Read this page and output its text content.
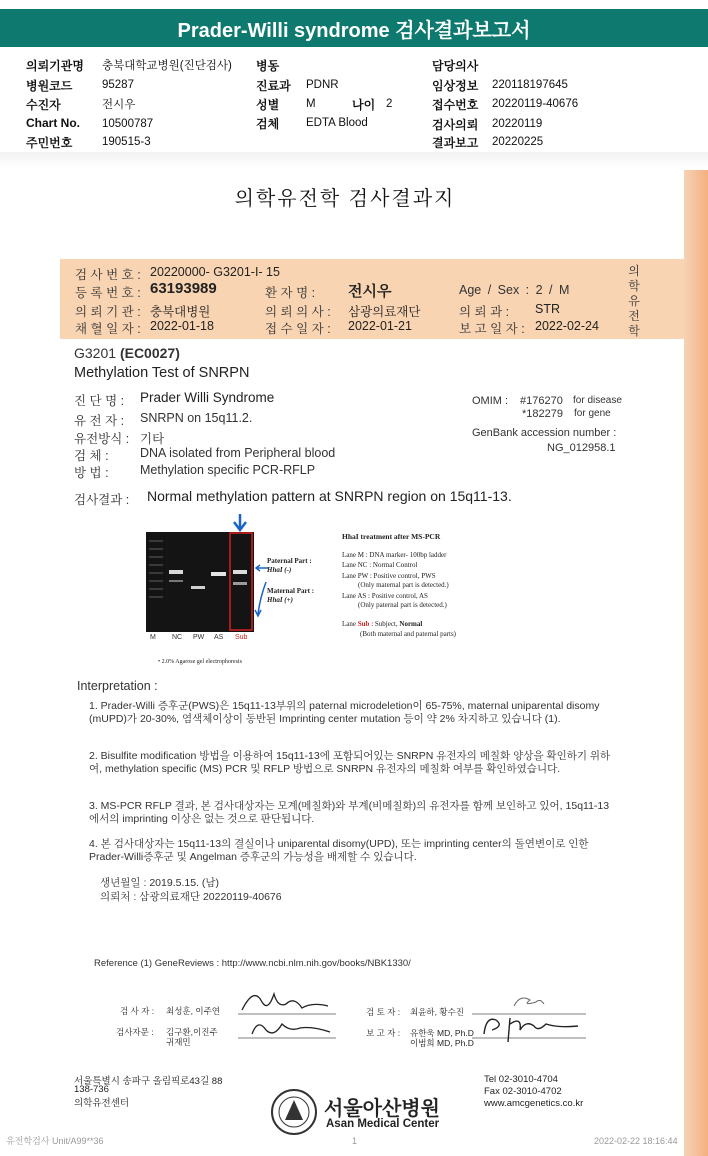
Prader-Willi syndrome 검사결과보고서
의뢰기관명 충북대학교병원(진단검사) 병동	담당의사
병원코드	95287	진료과 PDNR	임상정보 220118197645
수진자	전시우	성별 M	나이 2	접수번호 20220119-40676
Chart No. 10500787	검체 EDTA Blood	검사의뢰 20220119
주민번호	190515-3	결과보고 20220225
의학유전학 검사결과지
검 사 번 호 : 20220000- G3201-I- 15
등 록 번 호 : 63193989	환 자 명 : 전시우	Age / Sex : 2 / M
의 뢰 기 관 : 충북대병원	의 뢰 의 사 : 삼광의료재단	의 뢰 과 : STR
채 혈 일 자 : 2022-01-18	접 수 일 자 : 2022-01-21	보 고 일 자 : 2022-02-24
의학유전학
G3201 (EC0027)
Methylation Test of SNRPN
진 단 명 : Prader Willi Syndrome
유 전 자 : SNRPN on 15q11.2.
유전방식 : 기타
검 체 :	DNA isolated from Peripheral blood
방 법 :	Methylation specific PCR-RFLP
OMIM : #176270 for disease
*182279 for gene
GenBank accession number :
NG_012958.1
검사결과 : Normal methylation pattern at SNRPN region on 15q11-13.
M NC PW AS Sub
Paternal Part :
HhaI (-)
Maternal Part :
HhaI (+)
• 2.0% Agarose gel electrophoresis
HhaI treatment after MS-PCR
Lane M : DNA marker- 100bp ladder
Lane NC : Normal Control
Lane PW : Positive control, PWS
(Only maternal part is detected.)
Lane AS : Positive control, AS
(Only paternal part is detected.)
Lane Sub : Subject, Normal
(Both maternal and paternal parts)
Interpretation :
1. Prader-Willi 증후군(PWS)은 15q11-13부위의 paternal microdeletion이 65-75%, maternal uniparental disomy (mUPD)가 20-30%, 염색체이상이 동반된 Imprinting center mutation 등이 약 2% 차지하고 있습니다 (1).
2. Bisulfite modification 방법을 이용하여 15q11-13에 포함되어있는 SNRPN 유전자의 메칠화 양상을 확인하기 위하여, methylation specific (MS) PCR 및 RFLP 방법으로 SNRPN 유전자의 메칠화 여부를 확인하였습니다.
3. MS-PCR RFLP 결과, 본 검사대상자는 모계(메칠화)와 부계(비메칠화)의 유전자를 함께 보인하고 있어, 15q11-13에서의 imprinting 이상은 없는 것으로 판단됩니다.
4. 본 검사대상자는 15q11-13의 결실이나 uniparental disomy(UPD), 또는 imprinting center의 돌연변이로 인한 Prader-Willi증후군 및 Angelman 증후군의 가능성을 배제할 수 있습니다.
생년월일 : 2019.5.15. (남)
의뢰처 : 삼광의료재단 20220119-40676
Reference (1) GeneReviews : http://www.ncbi.nlm.nih.gov/books/NBK1330/
검 사 자 : 최성훈, 이주연
검사자문 : 김구환,이진주
귀재민
검 토 자 : 최윤하, 황수진
보 고 자 : 유한욱 MD, Ph.D
이범희 MD, Ph.D
서울특별시 송파구 올림픽로43길 88
138-736
의학유전센터	서울아산병원
Asan Medical Center
Tel 02-3010-4704
Fax 02-3010-4702
www.amcgenetics.co.kr
유전학검사 Unit/A99**36	1	2022-02-22 18:16:44
